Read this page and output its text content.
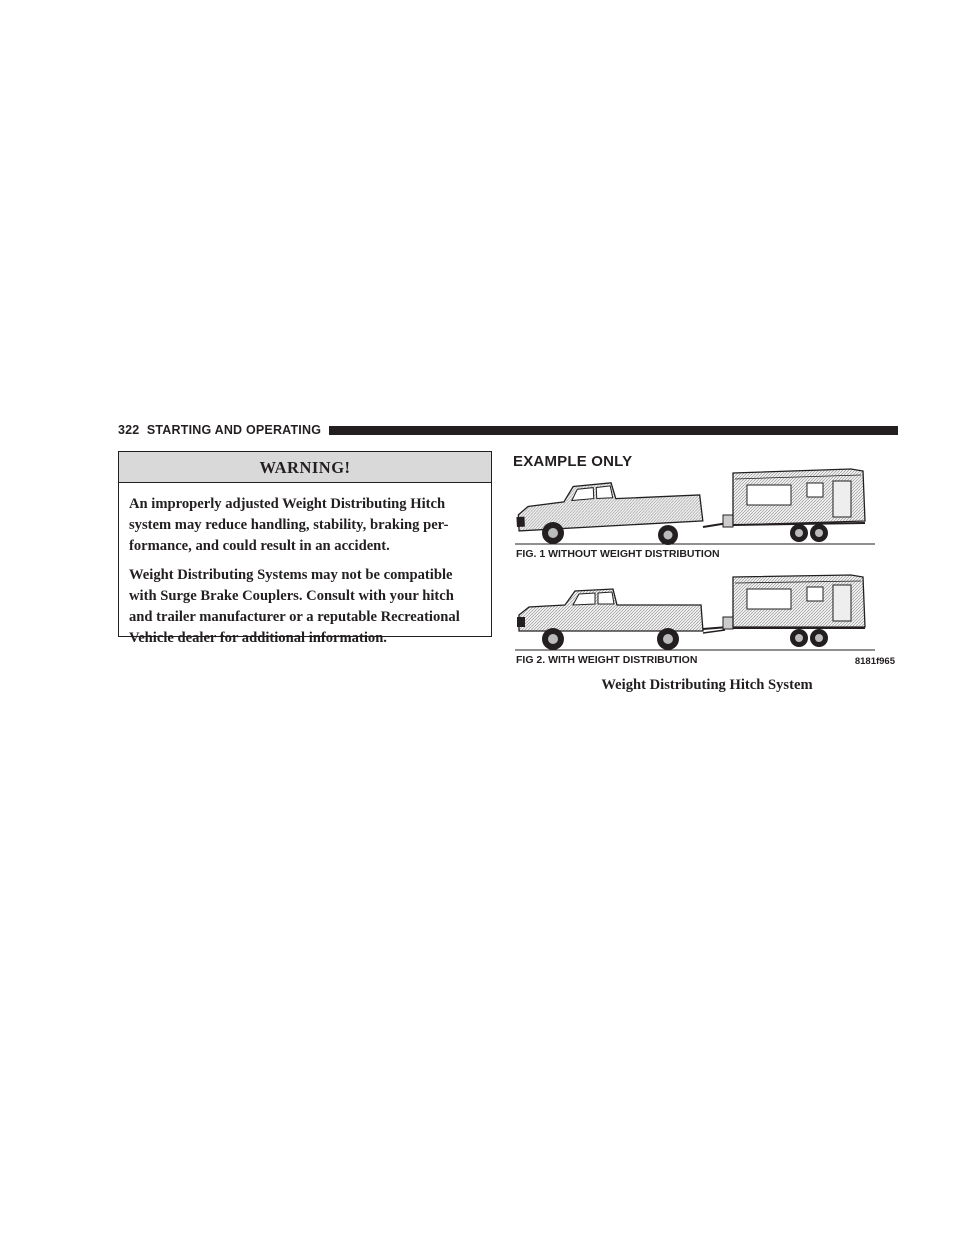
322 STARTING AND OPERATING
WARNING!

An improperly adjusted Weight Distributing Hitch
system may reduce handling, stability, braking per-
formance, and could result in an accident.

Weight Distributing Systems may not be compatible
with Surge Brake Couplers. Consult with your hitch
and trailer manufacturer or a reputable Recreational
Vehicle dealer for additional information.

EXAMPLE ONLY
FIG. 1 WITHOUT WEIGHT DISTRIBUTION
FIG 2. WITH WEIGHT DISTRIBUTION	8181f965
Weight Distributing Hitch System
